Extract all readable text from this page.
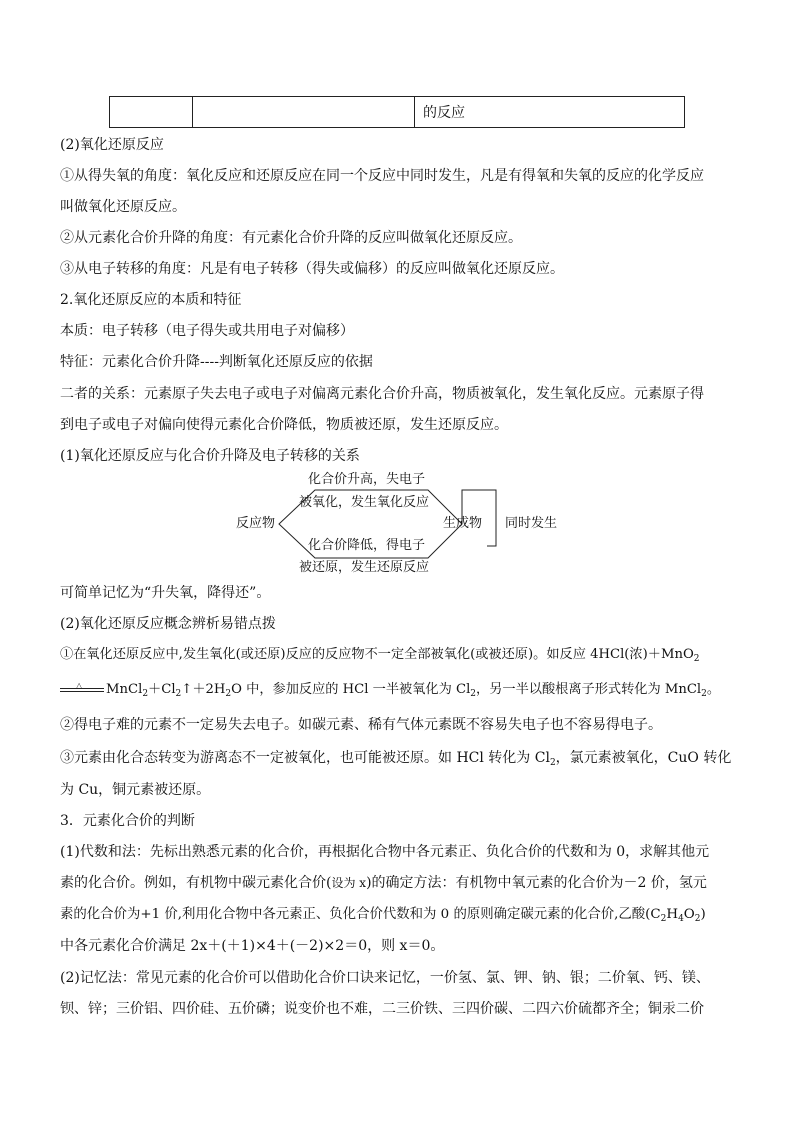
		的反应
(2)氧化还原反应
①从得失氧的角度：氧化反应和还原反应在同一个反应中同时发生，凡是有得氧和失氧的反应的化学反应
叫做氧化还原反应。
②从元素化合价升降的角度：有元素化合价升降的反应叫做氧化还原反应。
③从电子转移的角度：凡是有电子转移（得失或偏移）的反应叫做氧化还原反应。
2.氧化还原反应的本质和特征
本质：电子转移（电子得失或共用电子对偏移）
特征：元素化合价升降----判断氧化还原反应的依据
二者的关系：元素原子失去电子或电子对偏离元素化合价升高，物质被氧化，发生氧化反应。元素原子得
到电子或电子对偏向使得元素化合价降低，物质被还原，发生还原反应。
(1)氧化还原反应与化合价升降及电子转移的关系
化合价升高，失电子
被氧化，发生氧化反应
反应物	生成物 同时发生
化合价降低，得电子
被还原，发生还原反应
可简单记忆为“升失氧，降得还”。
(2)氧化还原反应概念辨析易错点拨
①在氧化还原反应中,发生氧化(或还原)反应的反应物不一定全部被氧化(或被还原)。如反应 4HCl(浓)＋MnO$_2$
△ $MnCl_2+Cl_2↑+2H_2O$ 中，参加反应的 HCl 一半被氧化为 $Cl_2$，另一半以酸根离子形式转化为 MnCl$_2$。
②得电子难的元素不一定易失去电子。如碳元素、稀有气体元素既不容易失电子也不容易得电子。
③元素由化合态转变为游离态不一定被氧化，也可能被还原。如 HCl 转化为 $Cl_2$，氯元素被氧化，CuO 转化
为 Cu，铜元素被还原。
3．元素化合价的判断
(1)代数和法：先标出熟悉元素的化合价，再根据化合物中各元素正、负化合价的代数和为 0，求解其他元
素的化合价。例如，有机物中碳元素化合价(设为 x)的确定方法：有机物中氧元素的化合价为－2 价，氢元
素的化合价为+1 价,利用化合物中各元素正、负化合价代数和为 0 的原则确定碳元素的化合价,乙酸$(C_2H_4O_2)$
中各元素化合价满足 2x＋(＋1)×4＋(－2)×2＝0，则 x＝0。
(2)记忆法：常见元素的化合价可以借助化合价口诀来记忆，一价氢、氯、钾、钠、银；二价氧、钙、镁、
钡、锌；三价铝、四价硅、五价磷；说变价也不难，二三价铁、三四价碳、二四六价硫都齐全；铜汞二价
